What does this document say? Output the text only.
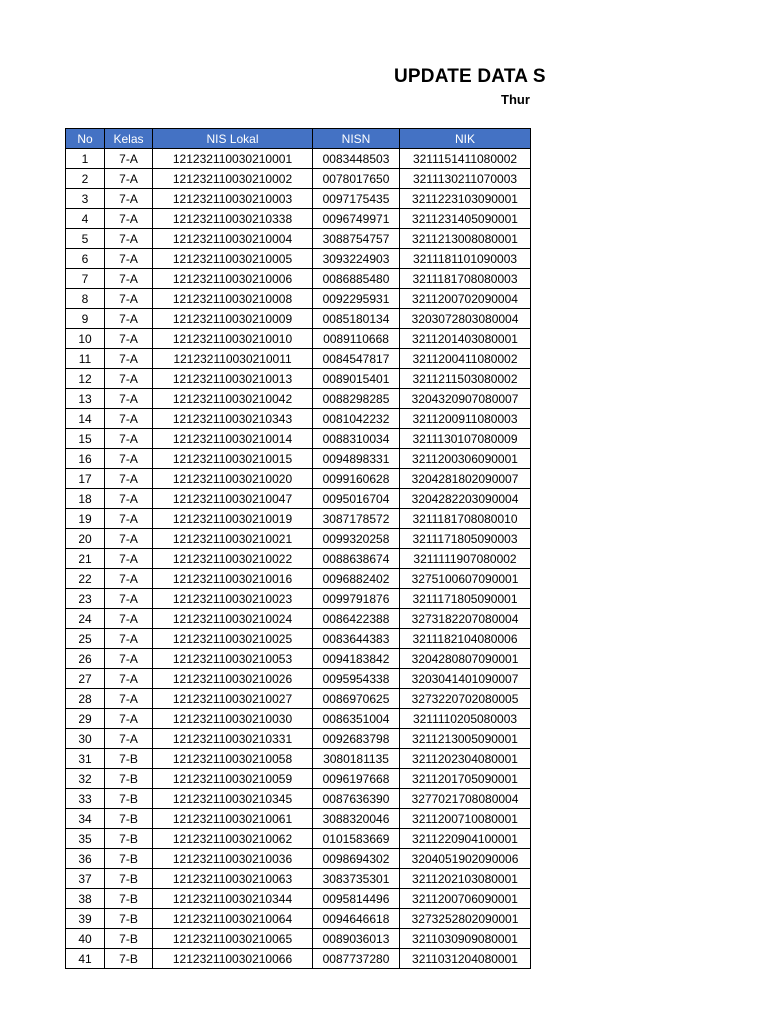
UPDATE DATA S
Thur
No	Kelas	NIS Lokal	NISN	NIK
1	7-A	121232110030210001	0083448503	3211151411080002
2	7-A	121232110030210002	0078017650	3211130211070003
3	7-A	121232110030210003	0097175435	3211223103090001
4	7-A	121232110030210338	0096749971	3211231405090001
5	7-A	121232110030210004	3088754757	3211213008080001
6	7-A	121232110030210005	3093224903	3211181101090003
7	7-A	121232110030210006	0086885480	3211181708080003
8	7-A	121232110030210008	0092295931	3211200702090004
9	7-A	121232110030210009	0085180134	3203072803080004
10	7-A	121232110030210010	0089110668	3211201403080001
11	7-A	121232110030210011	0084547817	3211200411080002
12	7-A	121232110030210013	0089015401	3211211503080002
13	7-A	121232110030210042	0088298285	3204320907080007
14	7-A	121232110030210343	0081042232	3211200911080003
15	7-A	121232110030210014	0088310034	3211130107080009
16	7-A	121232110030210015	0094898331	3211200306090001
17	7-A	121232110030210020	0099160628	3204281802090007
18	7-A	121232110030210047	0095016704	3204282203090004
19	7-A	121232110030210019	3087178572	3211181708080010
20	7-A	121232110030210021	0099320258	3211171805090003
21	7-A	121232110030210022	0088638674	3211111907080002
22	7-A	121232110030210016	0096882402	3275100607090001
23	7-A	121232110030210023	0099791876	3211171805090001
24	7-A	121232110030210024	0086422388	3273182207080004
25	7-A	121232110030210025	0083644383	3211182104080006
26	7-A	121232110030210053	0094183842	3204280807090001
27	7-A	121232110030210026	0095954338	3203041401090007
28	7-A	121232110030210027	0086970625	3273220702080005
29	7-A	121232110030210030	0086351004	3211110205080003
30	7-A	121232110030210331	0092683798	3211213005090001
31	7-B	121232110030210058	3080181135	3211202304080001
32	7-B	121232110030210059	0096197668	3211201705090001
33	7-B	121232110030210345	0087636390	3277021708080004
34	7-B	121232110030210061	3088320046	3211200710080001
35	7-B	121232110030210062	0101583669	3211220904100001
36	7-B	121232110030210036	0098694302	3204051902090006
37	7-B	121232110030210063	3083735301	3211202103080001
38	7-B	121232110030210344	0095814496	3211200706090001
39	7-B	121232110030210064	0094646618	3273252802090001
40	7-B	121232110030210065	0089036013	3211030909080001
41	7-B	121232110030210066	0087737280	3211031204080001
